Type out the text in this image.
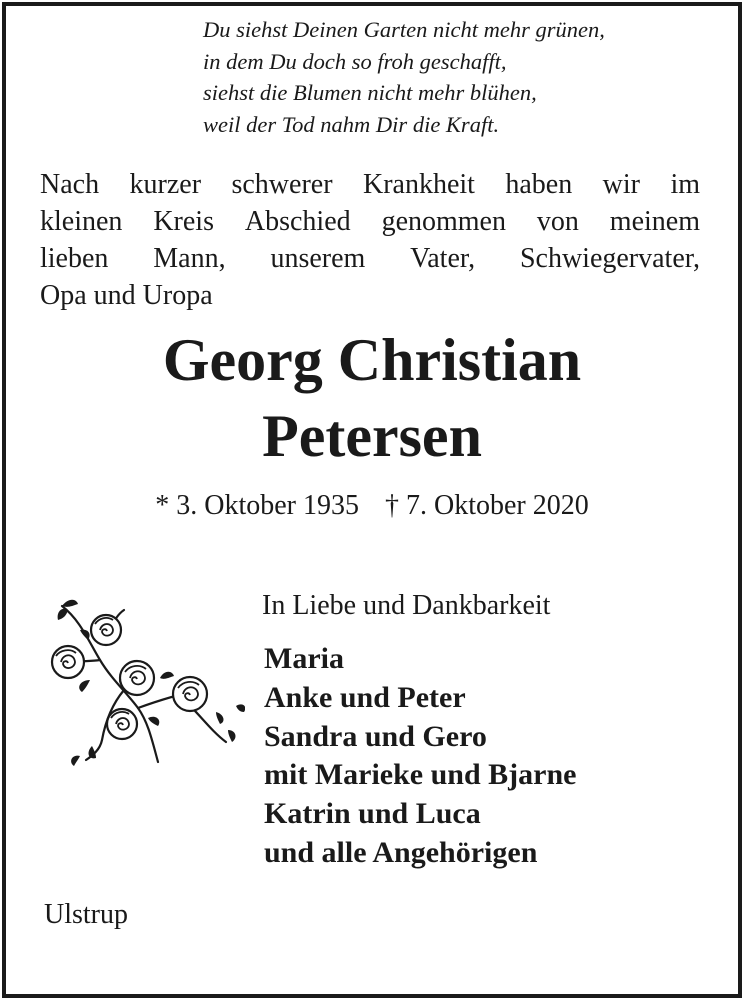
Du siehst Deinen Garten nicht mehr grünen,
in dem Du doch so froh geschafft,
siehst die Blumen nicht mehr blühen,
weil der Tod nahm Dir die Kraft.
Nach kurzer schwerer Krankheit haben wir im
kleinen Kreis Abschied genommen von meinem
lieben Mann, unserem Vater, Schwiegervater,
Opa und Uropa
Georg Christian
Petersen
* 3. Oktober 1935 † 7. Oktober 2020
In Liebe und Dankbarkeit
Maria
Anke und Peter
Sandra und Gero
mit Marieke und Bjarne
Katrin und Luca
und alle Angehörigen
Ulstrup
